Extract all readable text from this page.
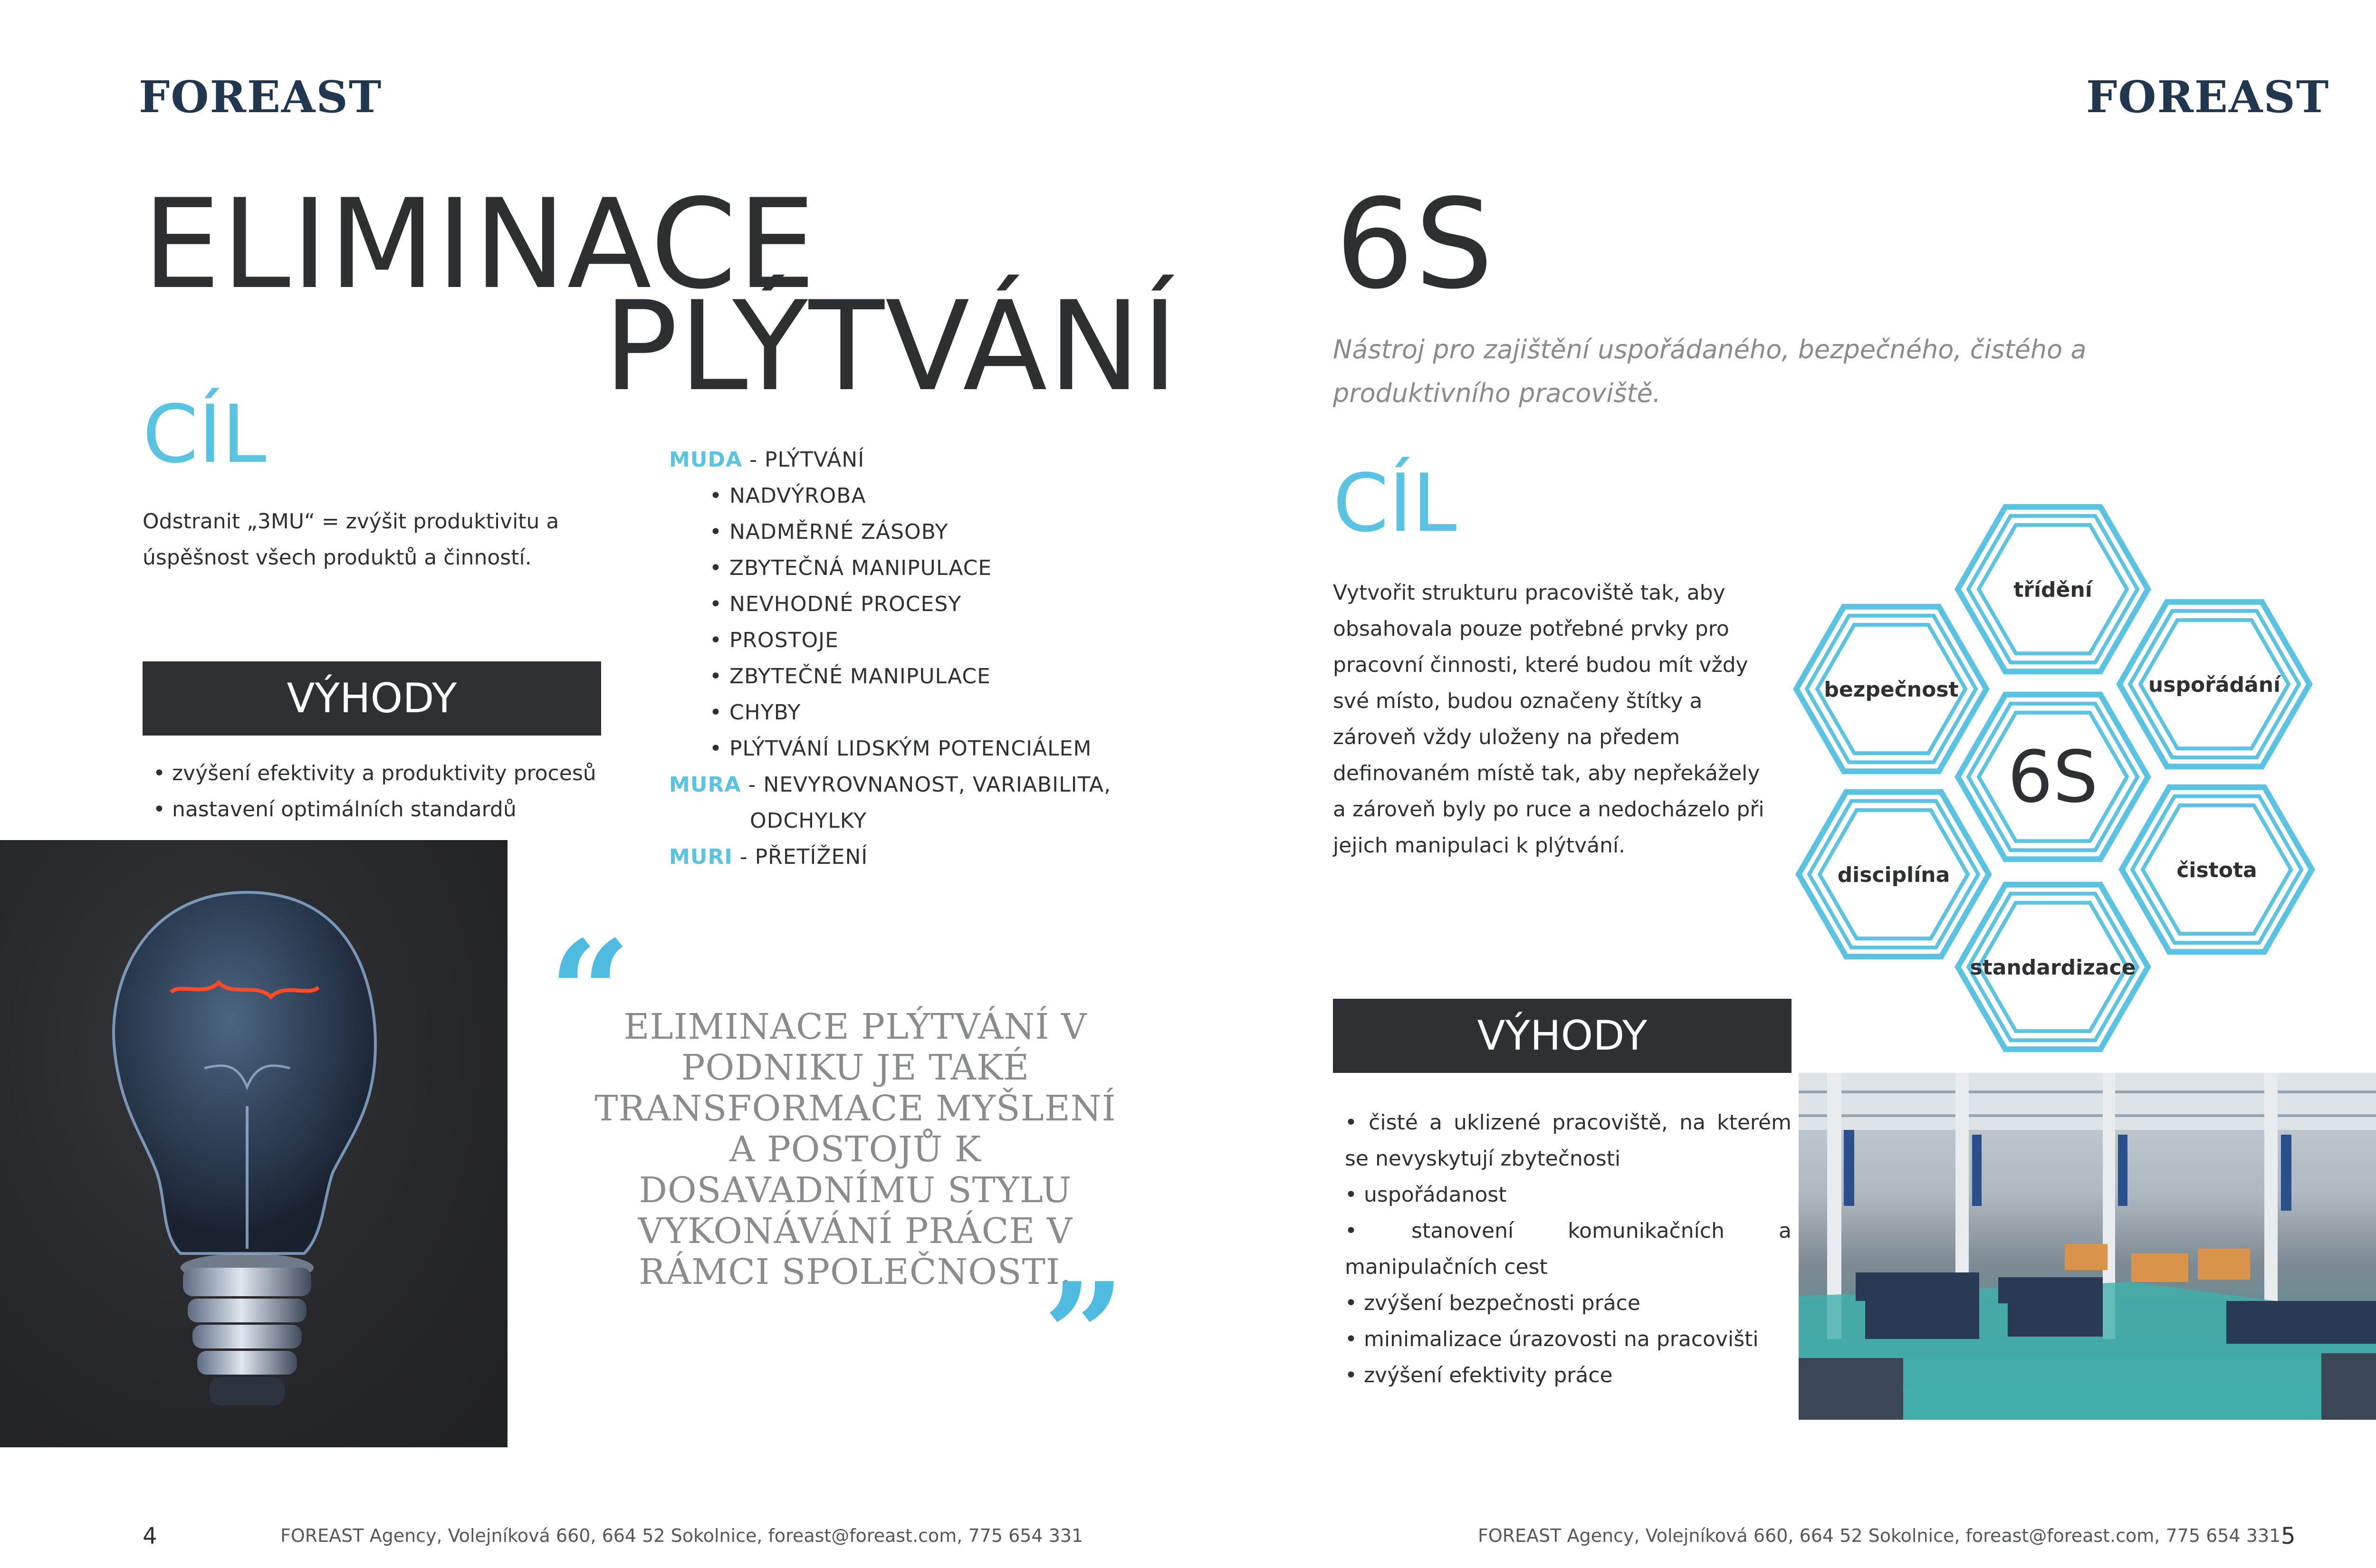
FOREAST
ELIMINACE
PLÝTVÁNÍ
CÍL
Odstranit „3MU“ = zvýšit produktivitu a úspěšnost všech produktů a činností.
VÝHODY
• zvýšení efektivity a produktivity procesů
• nastavení optimálních standardů
MUDA - PLÝTVÁNÍ
• NADVÝROBA
• NADMĚRNÉ ZÁSOBY
• ZBYTEČNÁ MANIPULACE
• NEVHODNÉ PROCESY
• PROSTOJE
• ZBYTEČNÉ MANIPULACE
• CHYBY
• PLÝTVÁNÍ LIDSKÝM POTENCIÁLEM
MURA - NEVYROVNANOST, VARIABILITA,
ODCHYLKY
MURI - PŘETÍŽENÍ
“
ELIMINACE PLÝTVÁNÍ V
PODNIKU JE TAKÉ
TRANSFORMACE MYŠLENÍ
A POSTOJŮ K
DOSAVADNÍMU STYLU
VYKONÁVÁNÍ PRÁCE V
RÁMCI SPOLEČNOSTI.
”
4	FOREAST Agency, Volejníková 660, 664 52 Sokolnice, foreast@foreast.com, 775 654 331
FOREAST
6S
Nástroj pro zajištění uspořádaného, bezpečného, čistého a produktivního pracoviště.
CÍL
Vytvořit strukturu pracoviště tak, aby obsahovala pouze potřebné prvky pro pracovní činnosti, které budou mít vždy své místo, budou označeny štítky a zároveň vždy uloženy na předem definovaném místě tak, aby nepřekážely a zároveň byly po ruce a nedocházelo při jejich manipulaci k plýtvání.
třídění
bezpečnost	uspořádání
6S
disciplína	čistota
standardizace
VÝHODY
• čisté a uklizené pracoviště, na kterém se nevyskytují zbytečnosti
• uspořádanost
• stanovení komunikačních a manipulačních cest
• zvýšení bezpečnosti práce
• minimalizace úrazovosti na pracovišti
• zvýšení efektivity práce
FOREAST Agency, Volejníková 660, 664 52 Sokolnice, foreast@foreast.com, 775 654 331 5
